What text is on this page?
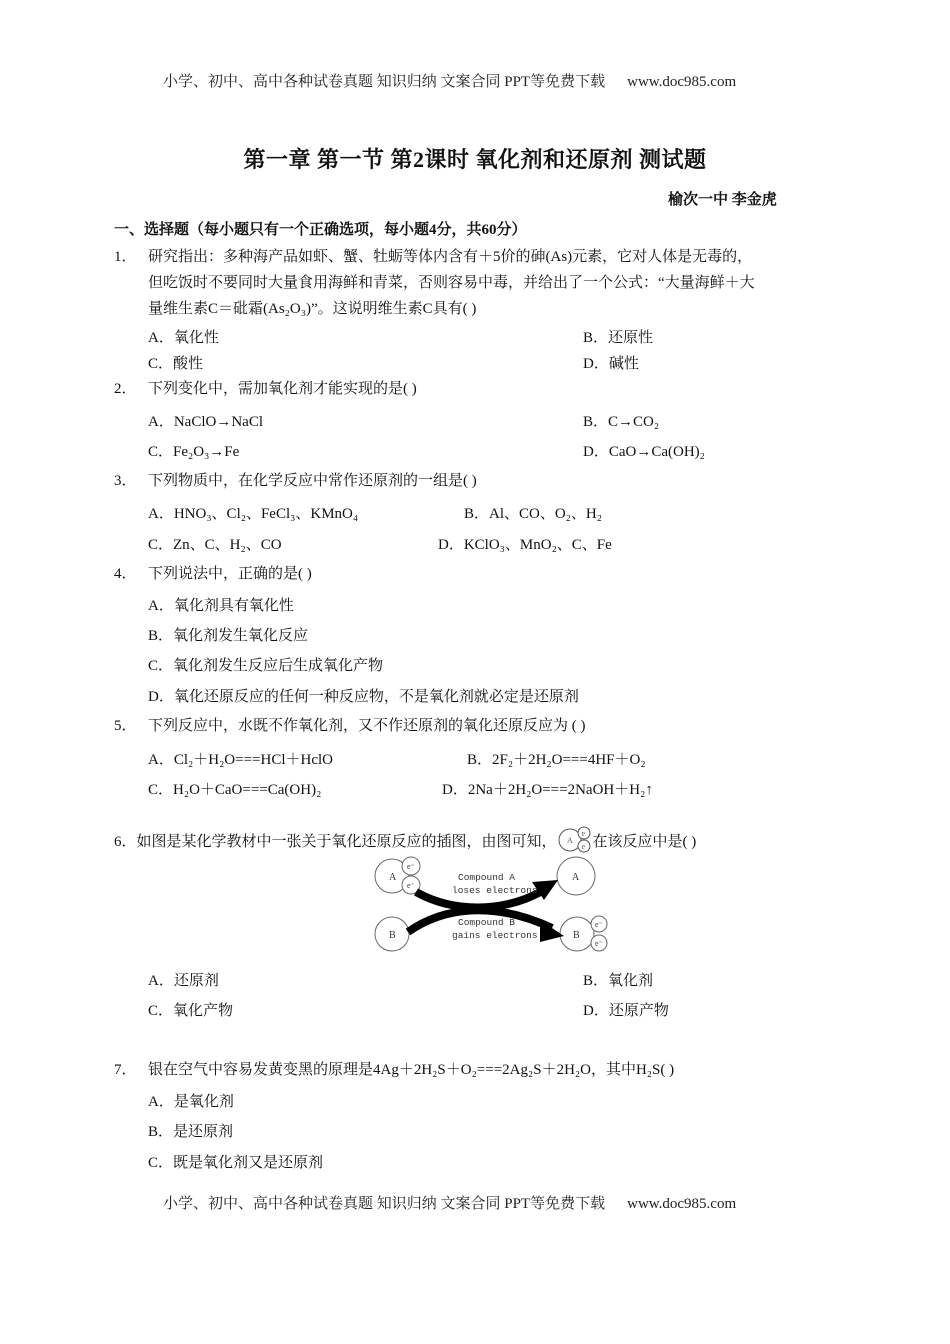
小学、初中、高中各种试卷真题 知识归纳 文案合同 PPT等免费下载 www.doc985.com
第一章 第一节 第2课时 氧化剂和还原剂 测试题
榆次一中 李金虎
一、选择题（每小题只有一个正确选项，每小题4分，共60分）
1． 研究指出：多种海产品如虾、蟹、牡蛎等体内含有＋5价的砷(As)元素，它对人体是无毒的，
但吃饭时不要同时大量食用海鲜和青菜，否则容易中毒，并给出了一个公式：“大量海鲜＋大
量维生素C＝砒霜(As₂O₃)”。这说明维生素C具有( )
A．氧化性	B．还原性
C．酸性	D．碱性
2． 下列变化中，需加氧化剂才能实现的是( )
A．NaClO→NaCl	B．C→CO₂
C．Fe₂O₃→Fe	D．CaO→Ca(OH)₂
3． 下列物质中，在化学反应中常作还原剂的一组是( )
A．HNO₃、Cl₂、FeCl₃、KMnO₄	B．Al、CO、O₂、H₂
C．Zn、C、H₂、CO	D．KClO₃、MnO₂、C、Fe
4． 下列说法中，正确的是( )
A．氧化剂具有氧化性
B．氧化剂发生氧化反应
C．氧化剂发生反应后生成氧化产物
D．氧化还原反应的任何一种反应物，不是氧化剂就必定是还原剂
5． 下列反应中，水既不作氧化剂，又不作还原剂的氧化还原反应为 ( )
A．Cl₂＋H₂O===HCl＋HclO	B．2F₂＋2H₂O===4HF＋O₂
C．H₂O＋CaO===Ca(OH)₂	D．2Na＋2H₂O===2NaOH＋H₂↑
6．如图是某化学教材中一张关于氧化还原反应的插图，由图可知， A
e
e 在该反应中是( )
A
e⁻
e⁻
B
A
B
e⁻
e⁻
Compound A
loses electrons
Compound B
gains electrons
A．还原剂	B．氧化剂
C．氧化产物	D．还原产物
7． 银在空气中容易发黄变黑的原理是4Ag＋2H₂S＋O₂===2Ag₂S＋2H₂O，其中H₂S( )
A．是氧化剂
B．是还原剂
C．既是氧化剂又是还原剂
小学、初中、高中各种试卷真题 知识归纳 文案合同 PPT等免费下载 www.doc985.com
